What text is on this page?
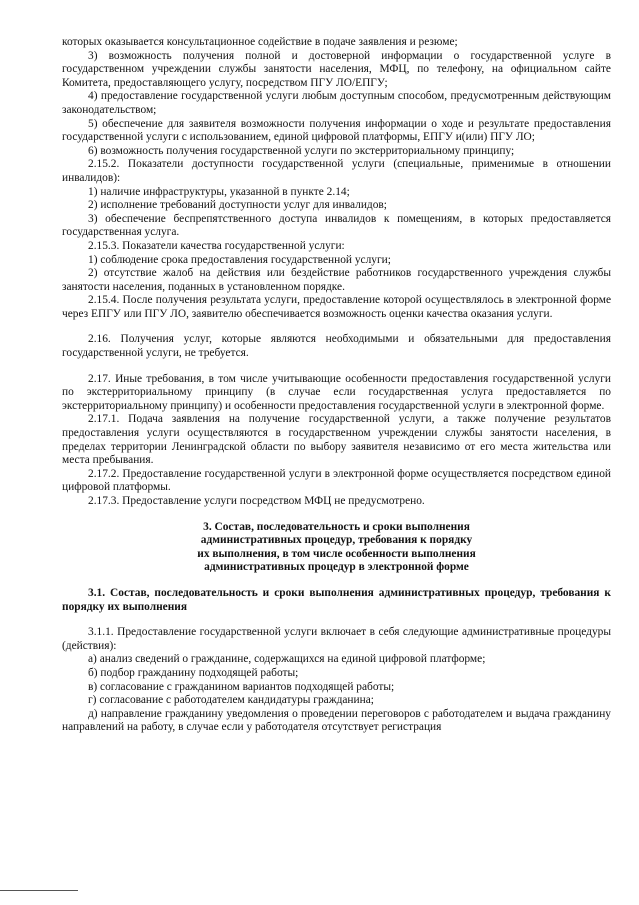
которых оказывается консультационное содействие в подаче заявления и резюме;

3) возможность получения полной и достоверной информации о государственной услуге в государственном учреждении службы занятости населения, МФЦ, по телефону, на официальном сайте Комитета, предоставляющего услугу, посредством ПГУ ЛО/ЕПГУ;

4) предоставление государственной услуги любым доступным способом, предусмотренным действующим законодательством;

5) обеспечение для заявителя возможности получения информации о ходе и результате предоставления государственной услуги с использованием, единой цифровой платформы, ЕПГУ и(или) ПГУ ЛО;

6) возможность получения государственной услуги по экстерриториальному принципу;

2.15.2. Показатели доступности государственной услуги (специальные, применимые в отношении инвалидов):

1) наличие инфраструктуры, указанной в пункте 2.14;

2) исполнение требований доступности услуг для инвалидов;

3) обеспечение беспрепятственного доступа инвалидов к помещениям, в которых предоставляется государственная услуга.

2.15.3. Показатели качества государственной услуги:

1) соблюдение срока предоставления государственной услуги;

2) отсутствие жалоб на действия или бездействие работников государственного учреждения службы занятости населения, поданных в установленном порядке.

2.15.4. После получения результата услуги, предоставление которой осуществлялось в электронной форме через ЕПГУ или ПГУ ЛО, заявителю обеспечивается возможность оценки качества оказания услуги.

2.16. Получения услуг, которые являются необходимыми и обязательными для предоставления государственной услуги, не требуется.

2.17. Иные требования, в том числе учитывающие особенности предоставления государственной услуги по экстерриториальному принципу (в случае если государственная услуга предоставляется по экстерриториальному принципу) и особенности предоставления государственной услуги в электронной форме.

2.17.1. Подача заявления на получение государственной услуги, а также получение результатов предоставления услуги осуществляются в государственном учреждении службы занятости населения, в пределах территории Ленинградской области по выбору заявителя независимо от его места жительства или места пребывания.

2.17.2. Предоставление государственной услуги в электронной форме осуществляется посредством единой цифровой платформы.

2.17.3. Предоставление услуги посредством МФЦ не предусмотрено.

3. Состав, последовательность и сроки выполнения

административных процедур, требования к порядку

их выполнения, в том числе особенности выполнения

административных процедур в электронной форме

3.1. Состав, последовательность и сроки выполнения административных процедур, требования к порядку их выполнения

3.1.1. Предоставление государственной услуги включает в себя следующие административные процедуры (действия):

а) анализ сведений о гражданине, содержащихся на единой цифровой платформе;

б) подбор гражданину подходящей работы;

в) согласование с гражданином вариантов подходящей работы;

г) согласование с работодателем кандидатуры гражданина;

д) направление гражданину уведомления о проведении переговоров с работодателем и выдача гражданину направлений на работу, в случае если у работодателя отсутствует регистрация
